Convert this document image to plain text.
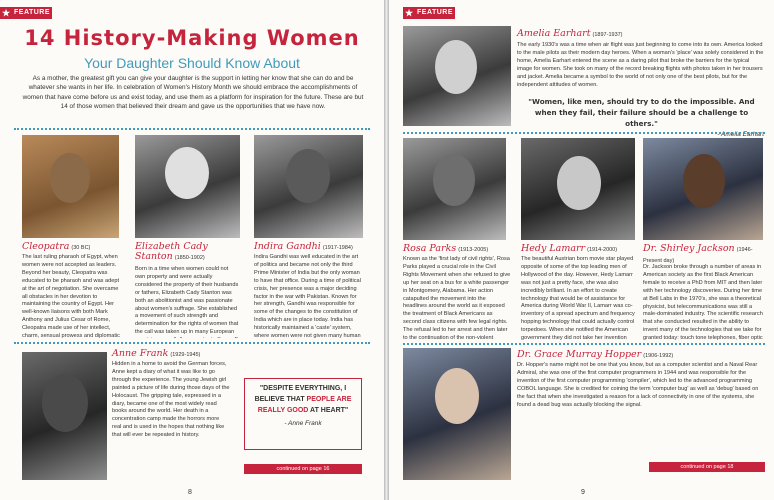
★ FEATURE
14 History-Making Women
Your Daughter Should Know About
As a mother, the greatest gift you can give your daughter is the support in letting her know that she can do and be whatever she wants in her life. In celebration of Women's History Month we should embrace the accomplishments of women that have come before us and exist today, and use them as a platform for inspiration for the future. These are but 14 of those women that believed their dream and gave us the opportunities that we have now.
Cleopatra (30 BC)
The last ruling pharaoh of Egypt, when women were not accepted as leaders. Beyond her beauty, Cleopatra was educated to be pharaoh and was adept at the art of negotiation. She overcame all obstacles in her devotion to maintaining the country of Egypt. Her well-known liaisons with both Mark Anthony and Julius Cesar of Rome, Cleopatra made use of her intellect, charm, sensual prowess and diplomatic
Elizabeth Cady Stanton (1850-1902)
Born in a time when women could not own property and were actually considered the property of their husbands or fathers, Elizabeth Cady Stanton was both an abolitionist and was passionate about women's suffrage. She established a movement of such strength and determination for the rights of women that the call was taken up in many European
Indira Gandhi (1917-1984)
Indira Gandhi was well educated in the art of politics and became not only the third Prime Minister of India but the only woman to have that office. During a time of political crisis, her presence was a major deciding factor in the war with Pakistan. Known for her strength, Gandhi was responsible for some of the changes to the constitution of India which are in place today. India has historically maintained a 'caste' system, where women were not given many human
Anne Frank (1929-1945)
Hidden in a home to avoid the German forces, Anne kept a diary of what it was like to go through the experience. The young Jewish girl painted a picture of life during those days of the Holocaust. The gripping tale, expressed in a diary, became one of the most widely read books around the world. Her death in a concentration camp made the horrors more real and is used in the hopes that nothing like that will ever be repeated in history.
"DESPITE EVERYTHING, I BELIEVE THAT PEOPLE ARE REALLY GOOD AT HEART"
- Anne Frank
continued on page 16
8
★ FEATURE
Amelia Earhart (1897-1937)
The early 1930's was a time when air flight was just beginning to come into its own. America looked to the male pilots as their modern day heroes. When a woman's 'place' was solely considered in the home, Amelia Earhart entered the scene as a daring pilot that broke the barriers for the typical image for women. She took on many of the record breaking flights with photos taken in her trousers and jacket. Amelia became a symbol to the world of not only one of the best pilots, but for the independent attitudes of women.
"Women, like men, should try to do the impossible. And when they fail, their failure should be a challenge to others."
- Amelia Earhart
Rosa Parks (1913-2005)
Known as the 'first lady of civil rights', Rosa Parks played a crucial role in the Civil Rights Movement when she refused to give up her seat on a bus for a white passenger in Montgomery, Alabama. Her action catapulted the movement into the headlines around the world as it exposed the treatment of Black Americans as second class citizens with few legal rights. The refusal led to her arrest and then later to the continuation of the non-violent
Hedy Lamarr (1914-2000)
The beautiful Austrian born movie star played opposite of some of the top leading men of Hollywood of the day. However, Hedy Lamarr was not just a pretty face, she was also incredibly brilliant. In an effort to create technology that would be of assistance for America during World War II, Lamarr was co-inventory of a spread spectrum and frequency hopping technology that could actually control torpedoes. When she notified the American government they did not take her invention
Dr. Shirley Jackson (1946-Present day)
Dr. Jackson broke through a number of areas in American society as the first Black American female to receive a PhD from MIT and then later with her technology discoveries. During her time at Bell Labs in the 1970's, she was a theoretical physicist, but telecommunications was still a male-dominated industry. The scientific research that she conducted resulted in the ability to invent many of the technologies that we take for granted today: touch tone telephones, fiber optic
Dr. Grace Murray Hopper (1906-1992)
Dr. Hopper's name might not be one that you know, but as a computer scientist and a Naval Rear Admiral, she was one of the first computer programmers in 1944 and was responsible for the invention of the first computer programming 'compiler', which led to the advanced programming COBOL language. She is credited for coining the term 'computer bug' as well as 'debug' based on the fact that when she investigated a reason for a lack of connectivity in one of the systems, she found a dead bug was actually blocking the signal.
continued on page 18
9
